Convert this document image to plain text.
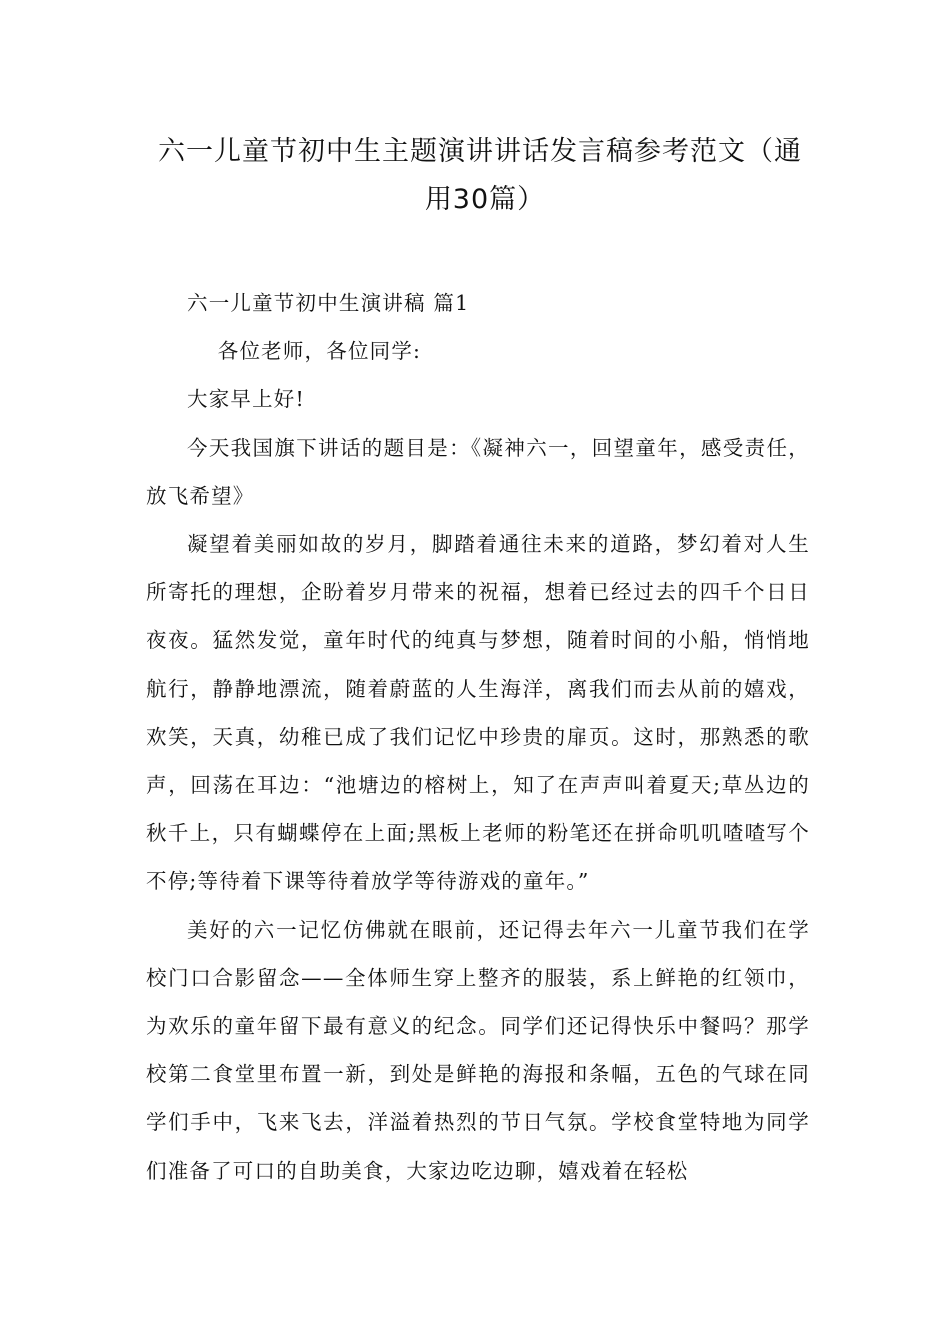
六一儿童节初中生主题演讲讲话发言稿参考范文（通
用30篇）

六一儿童节初中生演讲稿 篇1

各位老师，各位同学:

大家早上好!

今天我国旗下讲话的题目是：《凝神六一，回望童年，感受责任，放飞希望》

凝望着美丽如故的岁月，脚踏着通往未来的道路，梦幻着对人生所寄托的理想，企盼着岁月带来的祝福，想着已经过去的四千个日日夜夜。猛然发觉，童年时代的纯真与梦想，随着时间的小船，悄悄地航行，静静地漂流，随着蔚蓝的人生海洋，离我们而去从前的嬉戏，欢笑，天真，幼稚已成了我们记忆中珍贵的扉页。这时，那熟悉的歌声，回荡在耳边：“池塘边的榕树上，知了在声声叫着夏天;草丛边的秋千上，只有蝴蝶停在上面;黑板上老师的粉笔还在拼命叽叽喳喳写个不停;等待着下课等待着放学等待游戏的童年。”

美好的六一记忆仿佛就在眼前，还记得去年六一儿童节我们在学校门口合影留念——全体师生穿上整齐的服装，系上鲜艳的红领巾，为欢乐的童年留下最有意义的纪念。同学们还记得快乐中餐吗？那学校第二食堂里布置一新，到处是鲜艳的海报和条幅，五色的气球在同学们手中，飞来飞去，洋溢着热烈的节日气氛。学校食堂特地为同学们准备了可口的自助美食，大家边吃边聊，嬉戏着在轻松
